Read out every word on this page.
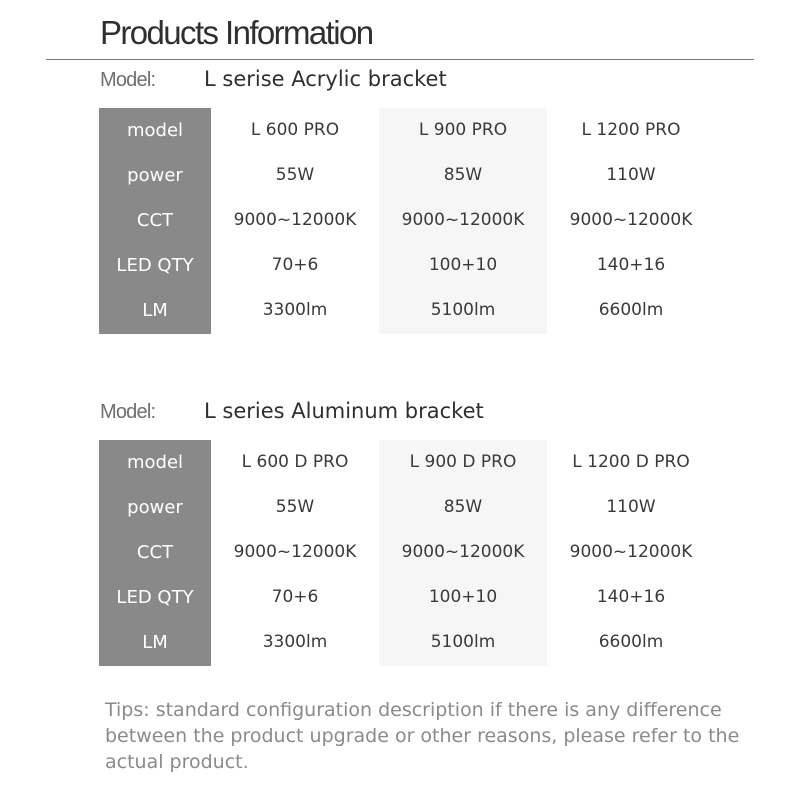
Products Information
Model: L serise Acrylic bracket
model	L 600 PRO	L 900 PRO	L 1200 PRO
power	55W	85W	110W
CCT	9000~12000K	9000~12000K	9000~12000K
LED QTY	70+6	100+10	140+16
LM	3300lm	5100lm	6600lm
Model: L series Aluminum bracket
model	L 600 D PRO	L 900 D PRO	L 1200 D PRO
power	55W	85W	110W
CCT	9000~12000K	9000~12000K	9000~12000K
LED QTY	70+6	100+10	140+16
LM	3300lm	5100lm	6600lm
Tips: standard configuration description if there is any difference between the product upgrade or other reasons, please refer to the actual product.
